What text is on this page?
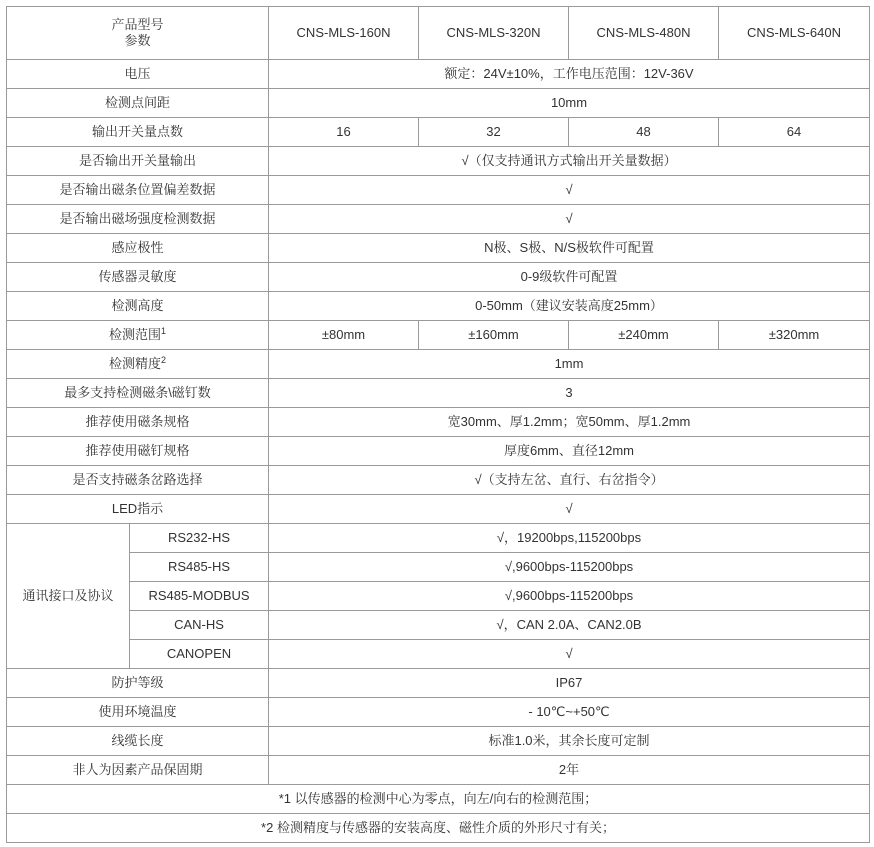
产品型号
参数		CNS-MLS-160N	CNS-MLS-320N	CNS-MLS-480N	CNS-MLS-640N
电压		额定：24V±10%，工作电压范围：12V-36V			
检测点间距		10mm			
输出开关量点数		16	32	48	64
是否输出开关量输出		√（仅支持通讯方式输出开关量数据）			
是否输出磁条位置偏差数据		√			
是否输出磁场强度检测数据		√			
感应极性		N极、S极、N/S极软件可配置			
传感器灵敏度		0-9级软件可配置			
检测高度		0-50mm（建议安装高度25mm）			
检测范围$^1$		±80mm	±160mm	±240mm	±320mm
检测精度$^2$		1mm			
最多支持检测磁条\磁钉数		3			
推荐使用磁条规格		宽30mm、厚1.2mm；宽50mm、厚1.2mm			
推荐使用磁钉规格		厚度6mm、直径12mm			
是否支持磁条岔路选择		√（支持左岔、直行、右岔指令）			
LED指示		√			
通讯接口及协议	RS232-HS	√，19200bps,115200bps			
	RS485-HS	√,9600bps-115200bps			
	RS485-MODBUS	√,9600bps-115200bps			
	CAN-HS	√，CAN 2.0A、CAN2.0B			
	CANOPEN	√			
防护等级		IP67			
使用环境温度		- 10℃~+50℃			
线缆长度		标准1.0米，其余长度可定制			
非人为因素产品保固期		2年			
*1 以传感器的检测中心为零点，向左/向右的检测范围；					
*2 检测精度与传感器的安装高度、磁性介质的外形尺寸有关；					
